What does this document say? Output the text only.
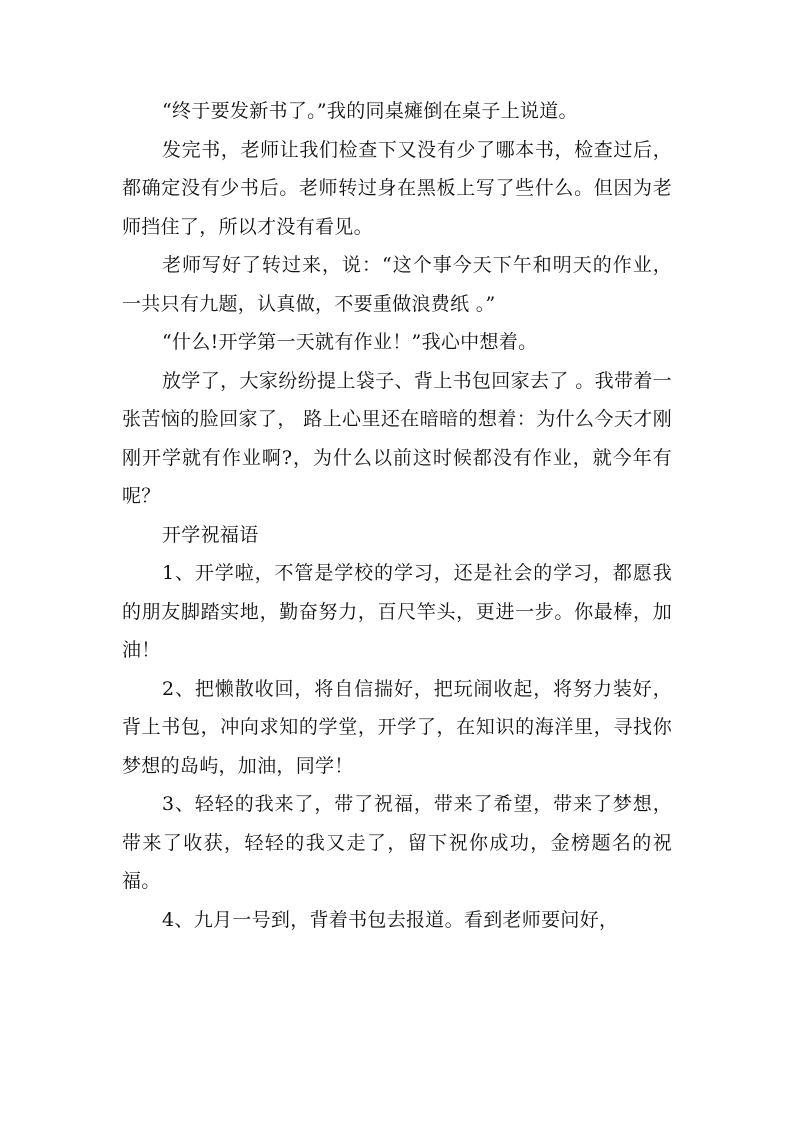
“终于要发新书了。”我的同桌瘫倒在桌子上说道。

发完书，老师让我们检查下又没有少了哪本书，检查过后，都确定没有少书后。老师转过身在黑板上写了些什么。但因为老师挡住了，所以才没有看见。

老师写好了转过来，说：“这个事今天下午和明天的作业，一共只有九题，认真做，不要重做浪费纸 。”

“什么!开学第一天就有作业！”我心中想着。

放学了，大家纷纷提上袋子、背上书包回家去了 。我带着一张苦恼的脸回家了， 路上心里还在暗暗的想着：为什么今天才刚刚开学就有作业啊?，为什么以前这时候都没有作业，就今年有呢？

开学祝福语

1、开学啦，不管是学校的学习，还是社会的学习，都愿我的朋友脚踏实地，勤奋努力，百尺竿头，更进一步。你最棒，加油！

2、把懒散收回，将自信揣好，把玩闹收起，将努力装好，背上书包，冲向求知的学堂，开学了，在知识的海洋里，寻找你梦想的岛屿，加油，同学！

3、轻轻的我来了，带了祝福，带来了希望，带来了梦想，带来了收获，轻轻的我又走了，留下祝你成功，金榜题名的祝福。

4、九月一号到，背着书包去报道。看到老师要问好，
